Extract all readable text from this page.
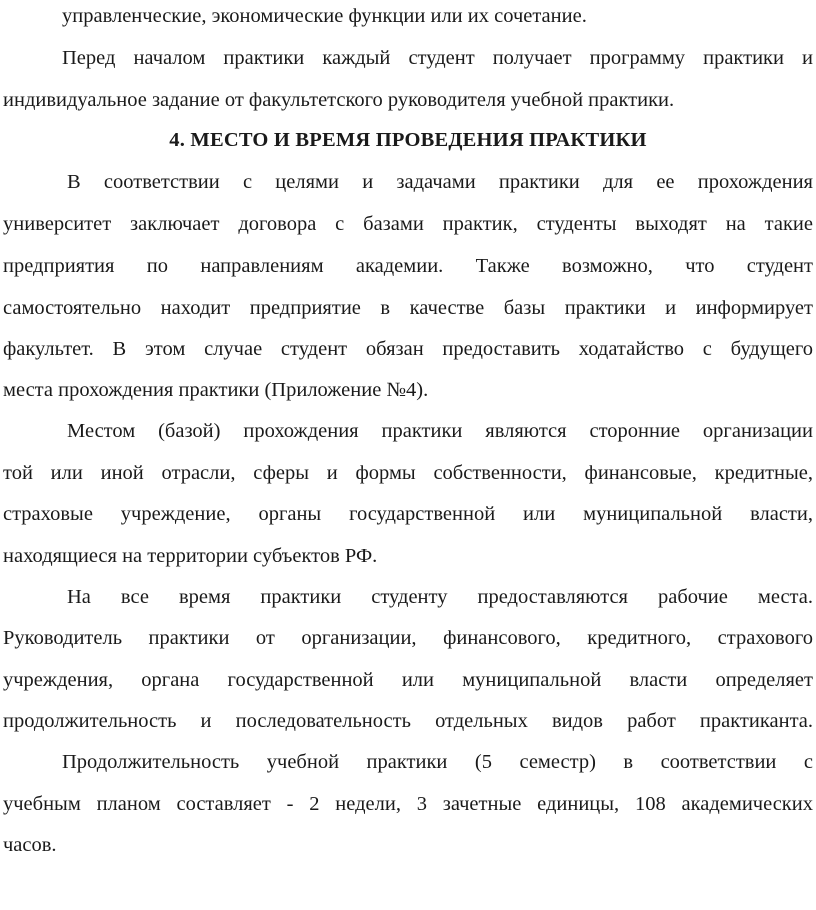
управленческие, экономические функции или их сочетание.
Перед началом практики каждый студент получает программу практики и
индивидуальное задание от факультетского руководителя учебной практики.
4. МЕСТО И ВРЕМЯ ПРОВЕДЕНИЯ ПРАКТИКИ
В соответствии с целями и задачами практики для ее прохождения
университет заключает договора с базами практик, студенты выходят на такие
предприятия по направлениям академии. Также возможно, что студент
самостоятельно находит предприятие в качестве базы практики и информирует
факультет. В этом случае студент обязан предоставить ходатайство с будущего
места прохождения практики (Приложение №4).
Местом (базой) прохождения практики являются сторонние организации
той или иной отрасли, сферы и формы собственности, финансовые, кредитные,
страховые учреждение, органы государственной или муниципальной власти,
находящиеся на территории субъектов РФ.
На все время практики студенту предоставляются рабочие места.
Руководитель практики от организации, финансового, кредитного, страхового
учреждения, органа государственной или муниципальной власти определяет
продолжительность и последовательность отдельных видов работ практиканта.
Продолжительность учебной практики (5 семестр) в соответствии с
учебным планом составляет - 2 недели, 3 зачетные единицы, 108 академических
часов.
